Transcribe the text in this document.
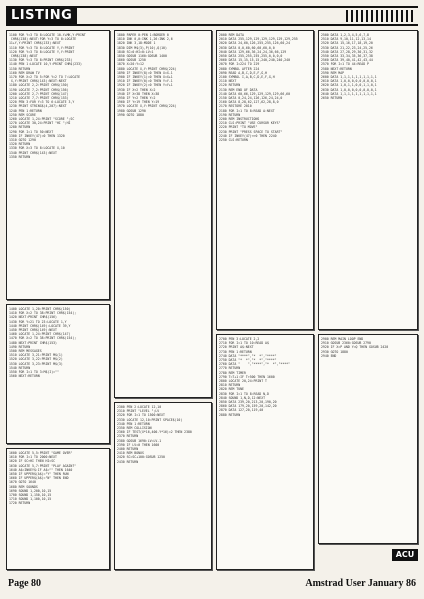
LISTING
1100 FOR Y=3 TO 8:LOCATE 10-Y+MK,Y:PRINT
CHR$(238):NEXT:FOR Y=3 TO 8:LOCATE
11+Y,Y:PRINT CHR$(233):NEXT
1110 FOR Y=3 TO 8:LOCATE Y,Y:PRINT
1120 FOR Y=3 TO 8:LOCATE Y,Y:PRINT
CHR$(238):NEXT
1130 FOR Y=3 TO 8:PRINT CHR$(233)
1140 PEN 1:LOCATE 10,Y:PRINT CHR$(233)
1150 RETURN
1160 REM DRAW TV
1170 FOR X=2 TO 5:FOR Y=2 TO 7:LOCATE
X,Y:PRINT CHR$(143):NEXT:NEXT
1180 LOCATE 2,2:PRINT CHR$(150)
1190 LOCATE 7,2:PRINT CHR$(156)
1200 LOCATE 2,7:PRINT CHR$(147)
1210 LOCATE 7,7:PRINT CHR$(153)
1220 PEN 3:FOR Y=3 TO 6:LOCATE 3,Y
1230 PRINT STRING$(4,207):NEXT
1240 PEN 1:RETURN
1250 REM SCORE
1260 LOCATE 1,24:PRINT "SCORE ";SC
1270 LOCATE 30,24:PRINT "HI ";HI
1280 RETURN
1290 FOR I=1 TO 50:NEXT
1300 IF INKEY(47)=0 THEN 1320
1310 GOTO 1290
1320 RETURN
1330 FOR X=3 TO 8:LOCATE X,10
1340 PRINT CHR$(143):NEXT
1350 RETURN
1400 LOCATE 1,20:PRINT CHR$(150)
1410 FOR X=2 TO 38:PRINT CHR$(154);
1420 NEXT:PRINT CHR$(156)
1430 FOR Y=21 TO 23:LOCATE 1,Y
1440 PRINT CHR$(149):LOCATE 39,Y
1450 PRINT CHR$(149):NEXT
1460 LOCATE 1,24:PRINT CHR$(147)
1470 FOR X=2 TO 38:PRINT CHR$(154);
1480 NEXT:PRINT CHR$(153)
1490 RETURN
1500 REM MESSAGES
1510 LOCATE 3,21:PRINT M$(1)
1520 LOCATE 3,22:PRINT M$(2)
1530 LOCATE 3,23:PRINT M$(3)
1540 RETURN
1550 FOR I=1 TO 3:M$(I)=""
1560 NEXT:RETURN
1600 LOCATE 5,5:PRINT "GAME OVER"
1610 FOR I=1 TO 2000:NEXT
1620 IF SC>HI THEN HI=SC
1630 LOCATE 5,7:PRINT "PLAY AGAIN?"
1640 A$=INKEY$:IF A$="" THEN 1640
1650 IF UPPER$(A$)="Y" THEN RUN
1660 IF UPPER$(A$)="N" THEN END
1670 GOTO 1640
1680 REM SOUNDS
1690 SOUND 1,200,10,15
1700 SOUND 1,150,10,15
1710 SOUND 1,100,10,15
1720 RETURN
1800 PAPER 0:PEN 1:BORDER 0
1810 INK 0,0:INK 1,26:INK 2,6
1820 INK 3,18:MODE 1
1830 DIM M$(3),P(10),Q(10)
1840 SC=0:HI=0:LV=1
1850 GOSUB 1160:GOSUB 1400
1860 GOSUB 1250
1870 X=20:Y=12
1880 LOCATE X,Y:PRINT CHR$(224)
1890 IF INKEY(8)=0 THEN X=X-1
1900 IF INKEY(1)=0 THEN X=X+1
1910 IF INKEY(0)=0 THEN Y=Y-1
1920 IF INKEY(2)=0 THEN Y=Y+1
1930 IF X<2 THEN X=2
1940 IF X>38 THEN X=38
1950 IF Y<2 THEN Y=2
1960 IF Y>19 THEN Y=19
1970 LOCATE X,Y:PRINT CHR$(224)
1980 GOSUB 1290
1990 GOTO 1880
2300 PEN 2:LOCATE 12,10
2310 PRINT "LEVEL ";LV
2320 FOR I=1 TO 1500:NEXT
2330 LOCATE 12,10:PRINT SPACE$(10)
2340 PEN 1:RETURN
2350 REM COLLISION
2360 IF TEST(X*16,400-Y*16)=2 THEN 2380
2370 RETURN
2380 GOSUB 1690:LV=LV-1
2390 IF LV=0 THEN 1600
2400 RETURN
2410 REM BONUS
2420 SC=SC+100:GOSUB 1250
2430 RETURN
2000 REM DATA
2010 DATA 255,129,129,129,129,129,129,255
2020 DATA 24,60,126,255,255,126,60,24
2030 DATA 0,0,60,60,60,60,0,0
2040 DATA 129,66,36,24,24,36,66,129
2050 DATA 255,255,255,255,0,0,0,0
2060 DATA 15,15,15,15,240,240,240,240
2070 FOR I=224 TO 229
2080 SYMBOL AFTER 224
2090 READ A,B,C,D,E,F,G,H
2100 SYMBOL I,A,B,C,D,E,F,G,H
2110 NEXT
2120 RETURN
2130 REM END OF DATA
2140 DATA 60,66,129,129,129,129,66,60
2150 DATA 0,24,24,126,126,24,24,0
2160 DATA 8,28,62,127,62,28,8,0
2170 RESTORE 2010
2180 FOR I=1 TO 8:READ A:NEXT
2190 RETURN
2200 REM INSTRUCTIONS
2210 CLS:PRINT "USE CURSOR KEYS"
2220 PRINT "TO MOVE"
2230 PRINT "PRESS SPACE TO START"
2240 IF INKEY(47)<>0 THEN 2240
2250 CLS:RETURN
2700 PEN 3:LOCATE 2,2
2710 FOR I=1 TO 10:READ A$
2720 PRINT A$:NEXT
2730 PEN 1:RETURN
2740 DATA "****","*  *","****"
2750 DATA "*  *","*  *","****"
2760 DATA "    ","****","*  *","****"
2770 RETURN
2780 REM TIMER
2790 T=T+1:IF T>500 THEN 1600
2800 LOCATE 20,24:PRINT T
2810 RETURN
2820 REM TUNE
2830 FOR I=1 TO 8:READ N,D
2840 SOUND 1,N,D,12:NEXT
2850 DATA 239,20,213,20,190,20
2860 DATA 179,20,159,20,142,20
2870 DATA 127,20,119,40
2880 RETURN
2500 DATA 1,2,3,4,5,6,7,8
2510 DATA 9,10,11,12,13,14
2520 DATA 15,16,17,18,19,20
2530 DATA 21,22,23,24,25,26
2540 DATA 27,28,29,30,31,32
2550 DATA 33,34,35,36,37,38
2560 DATA 39,40,41,42,43,44
2570 FOR I=1 TO 44:READ P
2580 NEXT:RETURN
2590 REM MAP
2600 DATA 1,1,1,1,1,1,1,1,1,1
2610 DATA 1,0,0,0,0,0,0,0,0,1
2620 DATA 1,0,1,1,0,0,1,1,0,1
2630 DATA 1,0,0,0,0,0,0,0,0,1
2640 DATA 1,1,1,1,1,1,1,1,1,1
2650 RETURN
2900 REM MAIN LOOP END
2910 GOSUB 2360:GOSUB 2790
2920 IF X=P AND Y=Q THEN GOSUB 2420
2930 GOTO 1880
2940 END
ACU
Page 80	Amstrad User January 86
